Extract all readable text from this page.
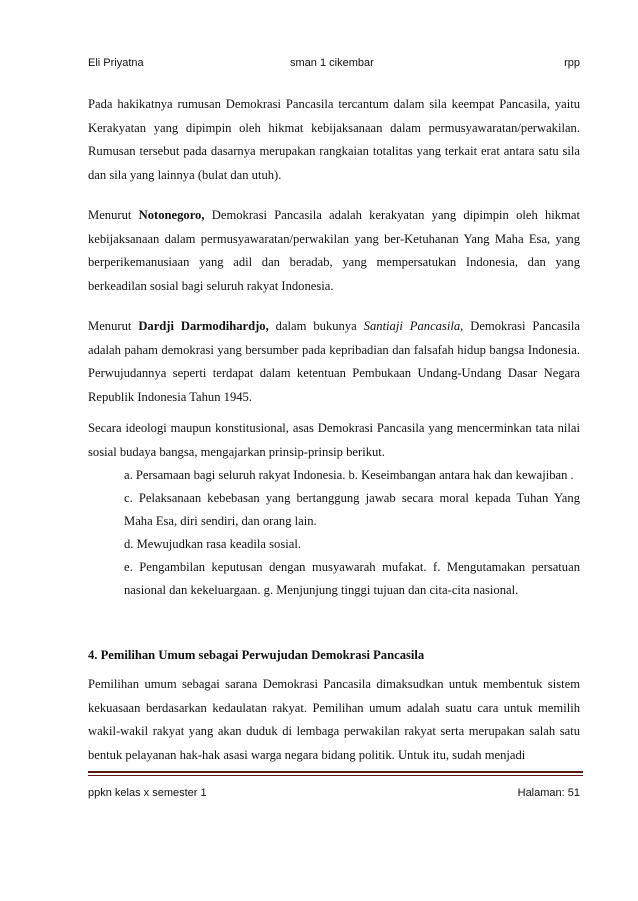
Eli Priyatna	sman 1 cikembar	rpp

Pada hakikatnya rumusan Demokrasi Pancasila tercantum dalam sila keempat Pancasila, yaitu Kerakyatan yang dipimpin oleh hikmat kebijaksanaan dalam permusyawaratan/perwakilan. Rumusan tersebut pada dasarnya merupakan rangkaian totalitas yang terkait erat antara satu sila dan sila yang lainnya (bulat dan utuh).

Menurut Notonegoro, Demokrasi Pancasila adalah kerakyatan yang dipimpin oleh hikmat kebijaksanaan dalam permusyawaratan/perwakilan yang ber-Ketuhanan Yang Maha Esa, yang berperikemanusiaan yang adil dan beradab, yang mempersatukan Indonesia, dan yang berkeadilan sosial bagi seluruh rakyat Indonesia.

Menurut Dardji Darmodihardjo, dalam bukunya Santiaji Pancasila, Demokrasi Pancasila adalah paham demokrasi yang bersumber pada kepribadian dan falsafah hidup bangsa Indonesia. Perwujudannya seperti terdapat dalam ketentuan Pembukaan Undang-Undang Dasar Negara Republik Indonesia Tahun 1945.

Secara ideologi maupun konstitusional, asas Demokrasi Pancasila yang mencerminkan tata nilai sosial budaya bangsa, mengajarkan prinsip-prinsip berikut.

a. Persamaan bagi seluruh rakyat Indonesia. b. Keseimbangan antara hak dan kewajiban .

c. Pelaksanaan kebebasan yang bertanggung jawab secara moral kepada Tuhan Yang Maha Esa, diri sendiri, dan orang lain.

d. Mewujudkan rasa keadila sosial.

e. Pengambilan keputusan dengan musyawarah mufakat. f. Mengutamakan persatuan nasional dan kekeluargaan. g. Menjunjung tinggi tujuan dan cita-cita nasional.

4. Pemilihan Umum sebagai Perwujudan Demokrasi Pancasila

Pemilihan umum sebagai sarana Demokrasi Pancasila dimaksudkan untuk membentuk sistem kekuasaan berdasarkan kedaulatan rakyat. Pemilihan umum adalah suatu cara untuk memilih wakil-wakil rakyat yang akan duduk di lembaga perwakilan rakyat serta merupakan salah satu bentuk pelayanan hak-hak asasi warga negara bidang politik. Untuk itu, sudah menjadi

ppkn kelas x semester 1	Halaman: 51
